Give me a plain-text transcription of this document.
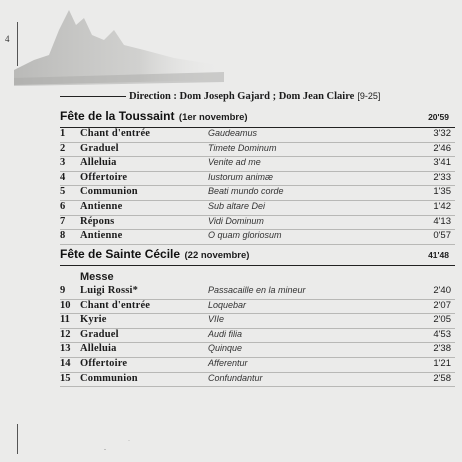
4
Direction : Dom Joseph Gajard ; Dom Jean Claire [9-25]
Fête de la Toussaint (1er novembre)	20'59
1	Chant d'entrée	Gaudeamus	3'32
2	Graduel	Timete Dominum	2'46
3	Alleluia	Venite ad me	3'41
4	Offertoire	Iustorum animæ	2'33
5	Communion	Beati mundo corde	1'35
6	Antienne	Sub altare Dei	1'42
7	Répons	Vidi Dominum	4'13
8	Antienne	O quam gloriosum	0'57
Fête de Sainte Cécile (22 novembre)	41'48
Messe
9	Luigi Rossi*	Passacaille en la mineur	2'40
10 Chant d'entrée	Loquebar	2'07
11 Kyrie	VIIe	2'05
12 Graduel	Audi filia	4'53
13 Alleluia	Quinque	2'38
14 Offertoire	Afferentur	1'21
15 Communion	Confundantur	2'58
·
-
